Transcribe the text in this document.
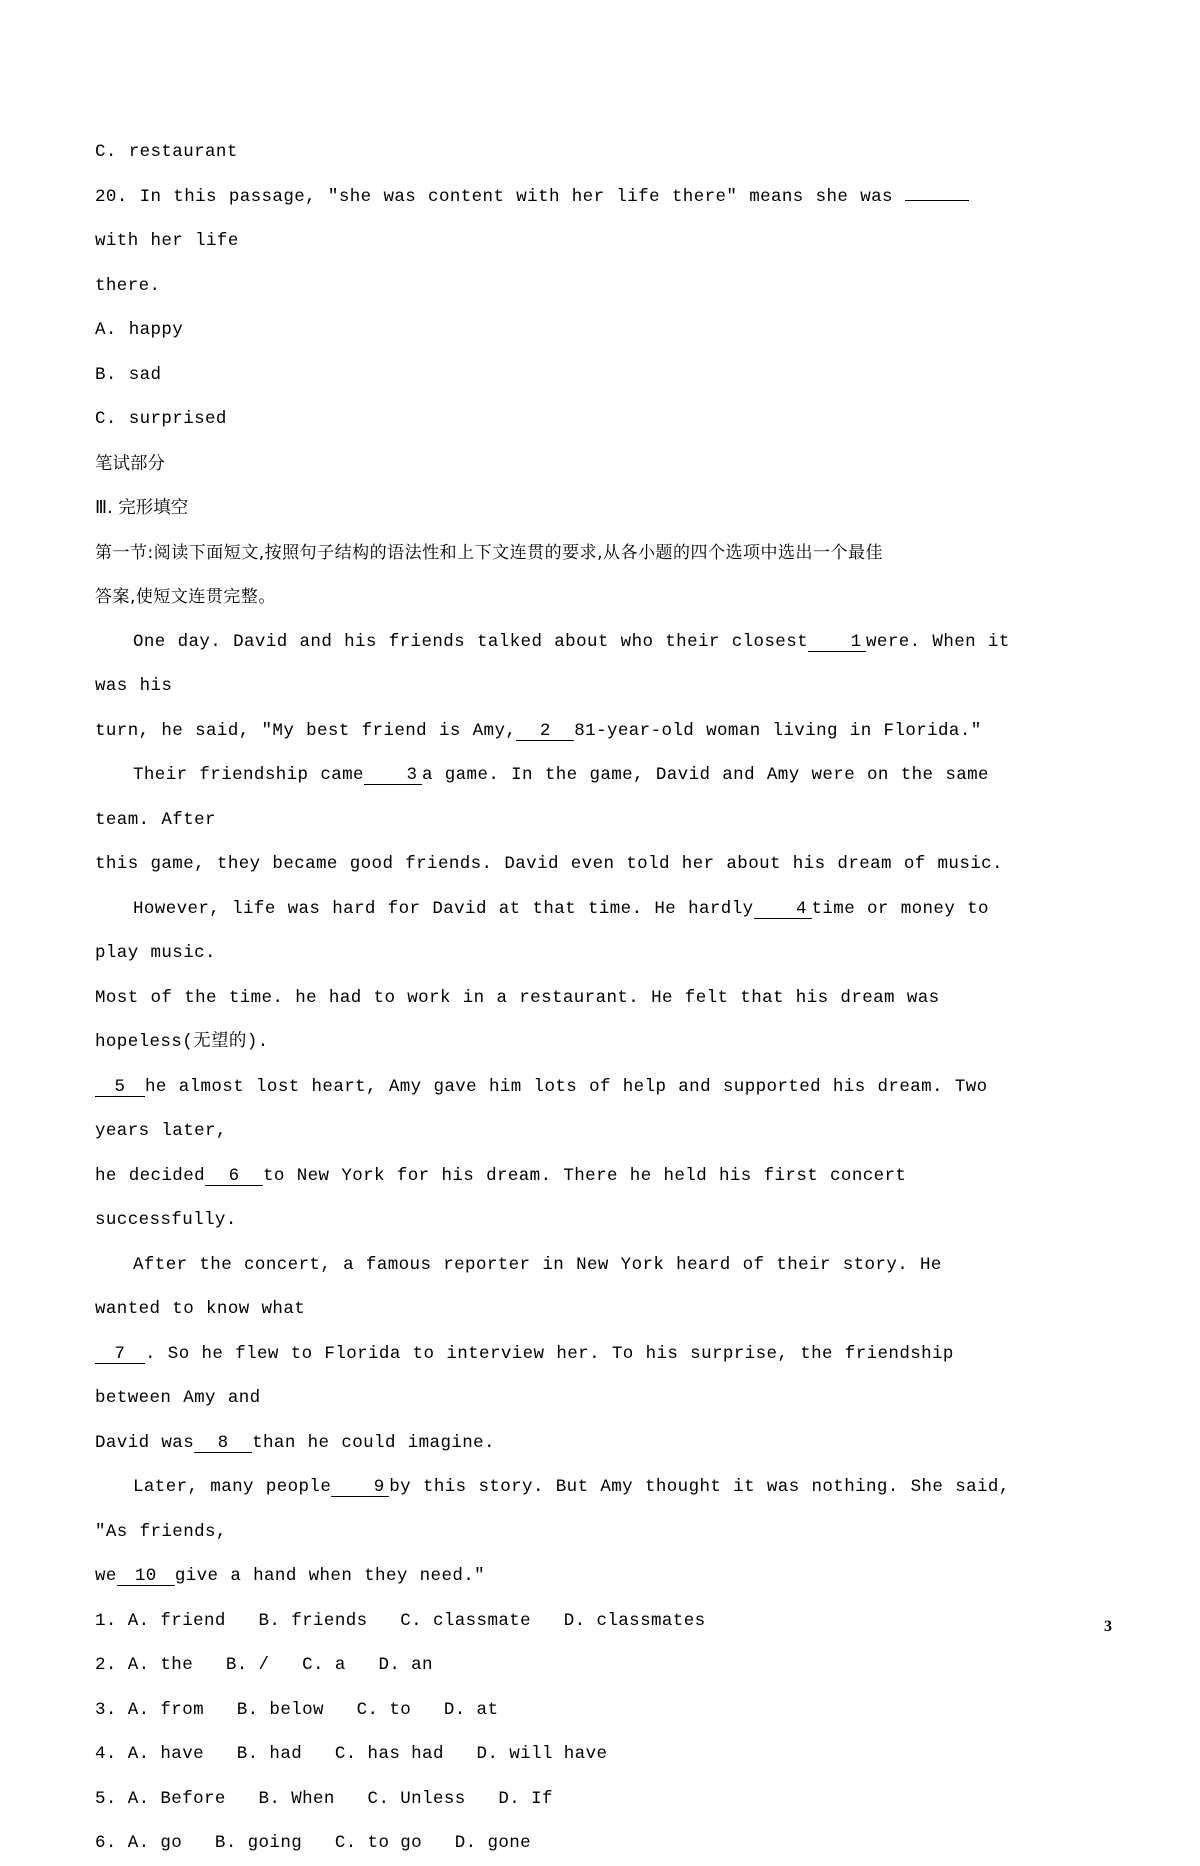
C. restaurant
20. In this passage, "she was content with her life there" means she was	with her life
there.
A. happy
B. sad
C. surprised
笔试部分
Ⅲ. 完形填空
第一节:阅读下面短文,按照句子结构的语法性和上下文连贯的要求,从各小题的四个选项中选出一个最佳
答案,使短文连贯完整。
One day. David and his friends talked about who their closest 1 were. When it was his
turn, he said, "My best friend is Amy, 2 81-year-old woman living in Florida."
Their friendship came 3 a game. In the game, David and Amy were on the same team. After
this game, they became good friends. David even told her about his dream of music.
However, life was hard for David at that time. He hardly 4 time or money to play music.
Most of the time. he had to work in a restaurant. He felt that his dream was hopeless(无望的).
5 he almost lost heart, Amy gave him lots of help and supported his dream. Two years later,
he decided 6 to New York for his dream. There he held his first concert successfully.
After the concert, a famous reporter in New York heard of their story. He wanted to know what
7 . So he flew to Florida to interview her. To his surprise, the friendship between Amy and
David was 8 than he could imagine.
Later, many people 9 by this story. But Amy thought it was nothing. She said, "As friends,
we 10 give a hand when they need."
1. A. friend   B. friends   C. classmate   D. classmates
2. A. the   B. /   C. a   D. an
3. A. from   B. below   C. to   D. at
4. A. have   B. had   C. has had   D. will have
5. A. Before   B. When   C. Unless   D. If
6. A. go   B. going   C. to go   D. gone
3
